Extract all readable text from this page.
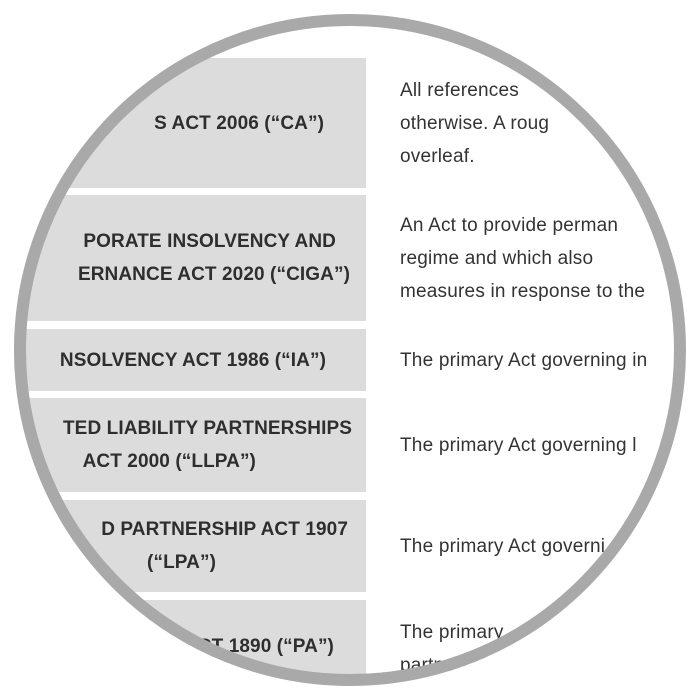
S ACT 2006 (“CA”)
All references
otherwise. A roug
overleaf.
PORATE INSOLVENCY AND
ERNANCE ACT 2020 (“CIGA”)
An Act to provide perman
regime and which also
measures in response to the
NSOLVENCY ACT 1986 (“IA”)	The primary Act governing in
TED LIABILITY PARTNERSHIPS
ACT 2000 (“LLPA”)
The primary Act governing l
D PARTNERSHIP ACT 1907
(“LPA”)
The primary Act governi
CT 1890 (“PA”)
The primary
partnershi
